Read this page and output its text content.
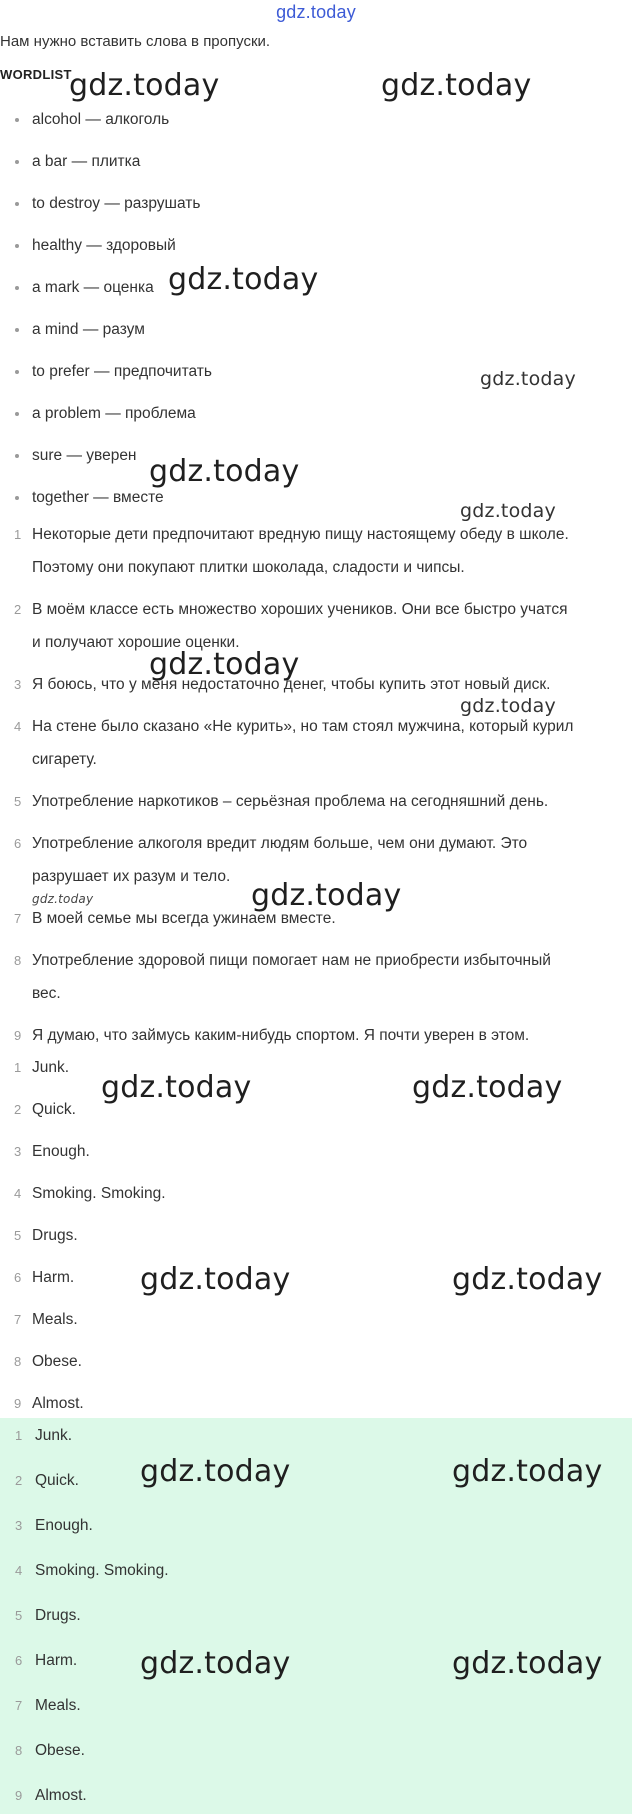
gdz.today
Нам нужно вставить слова в пропуски.
WORDLIST
alcohol — алкоголь
a bar — плитка
to destroy — разрушать
healthy — здоровый
a mark — оценка
a mind — разум
to prefer — предпочитать
a problem — проблема
sure — уверен
together — вместе
1 Некоторые дети предпочитают вредную пищу настоящему обеду в школе.
Поэтому они покупают плитки шоколада, сладости и чипсы.
2 В моём классе есть множество хороших учеников. Они все быстро учатся
и получают хорошие оценки.
3 Я боюсь, что у меня недостаточно денег, чтобы купить этот новый диск.
4 На стене было сказано «Не курить», но там стоял мужчина, который курил
сигарету.
5 Употребление наркотиков – серьёзная проблема на сегодняшний день.
6 Употребление алкоголя вредит людям больше, чем они думают. Это
разрушает их разум и тело.
7 В моей семье мы всегда ужинаем вместе.
8 Употребление здоровой пищи помогает нам не приобрести избыточный
вес.
9 Я думаю, что займусь каким-нибудь спортом. Я почти уверен в этом.
1 Junk.
2 Quick.
3 Enough.
4 Smoking. Smoking.
5 Drugs.
6 Harm.
7 Meals.
8 Obese.
9 Almost.
1 Junk.
2 Quick.
3 Enough.
4 Smoking. Smoking.
5 Drugs.
6 Harm.
7 Meals.
8 Obese.
9 Almost.
gdz.today	gdz.today
gdz.today
gdz.today
gdz.today
gdz.today
gdz.today
gdz.today
gdz.today	gdz.today
gdz.today	gdz.today
gdz.today	gdz.today
gdz.today	gdz.today
gdz.today	gdz.today
